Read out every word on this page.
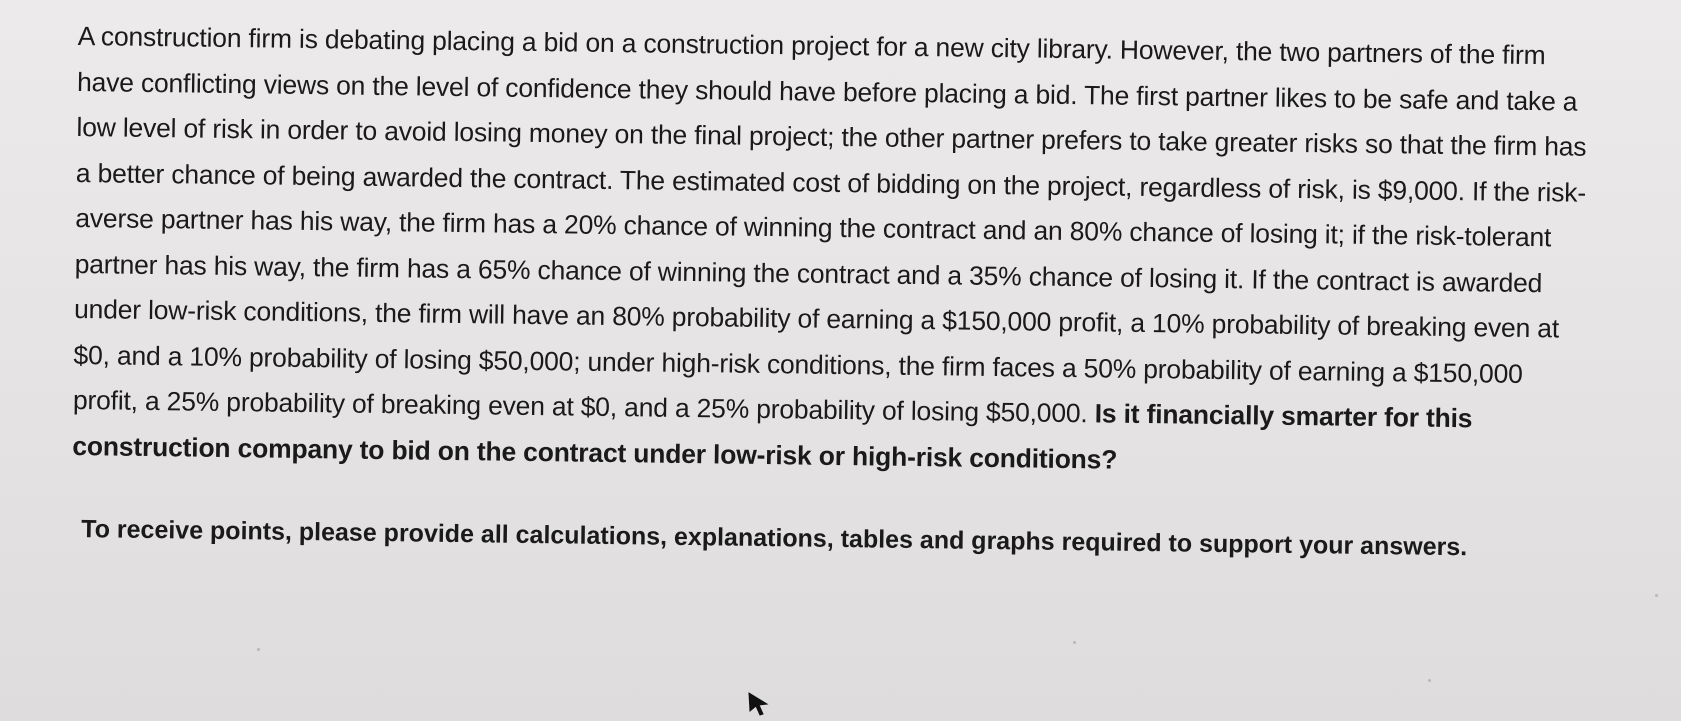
A construction firm is debating placing a bid on a construction project for a new city library. However, the two partners of the firm have conflicting views on the level of confidence they should have before placing a bid. The first partner likes to be safe and take a low level of risk in order to avoid losing money on the final project; the other partner prefers to take greater risks so that the firm has a better chance of being awarded the contract. The estimated cost of bidding on the project, regardless of risk, is $9,000. If the risk-averse partner has his way, the firm has a 20% chance of winning the contract and an 80% chance of losing it; if the risk-tolerant partner has his way, the firm has a 65% chance of winning the contract and a 35% chance of losing it. If the contract is awarded under low-risk conditions, the firm will have an 80% probability of earning a $150,000 profit, a 10% probability of breaking even at $0, and a 10% probability of losing $50,000; under high-risk conditions, the firm faces a 50% probability of earning a $150,000 profit, a 25% probability of breaking even at $0, and a 25% probability of losing $50,000. Is it financially smarter for this construction company to bid on the contract under low-risk or high-risk conditions?

To receive points, please provide all calculations, explanations, tables and graphs required to support your answers.
